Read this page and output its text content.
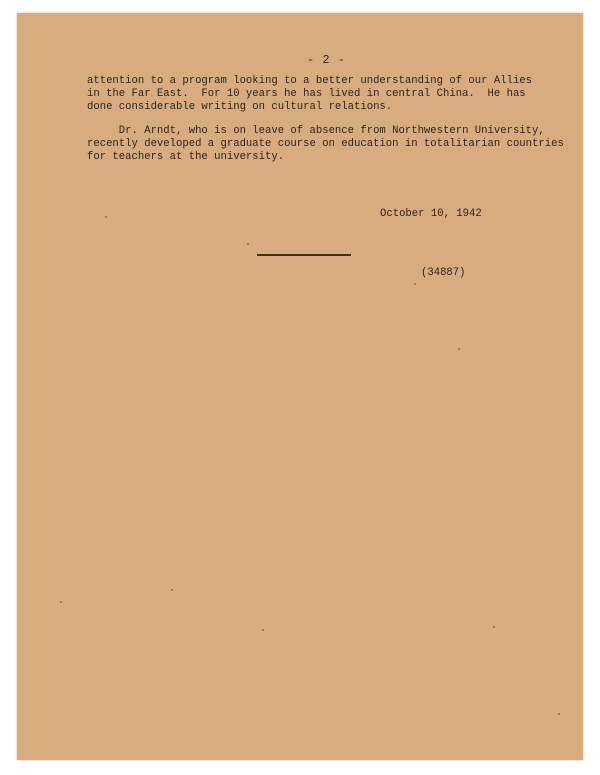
- 2 -
attention to a program looking to a better understanding of our Allies
in the Far East.  For 10 years he has lived in central China.  He has
done considerable writing on cultural relations.
Dr. Arndt, who is on leave of absence from Northwestern University,
recently developed a graduate course on education in totalitarian countries
for teachers at the university.
October 10, 1942
(34887)
